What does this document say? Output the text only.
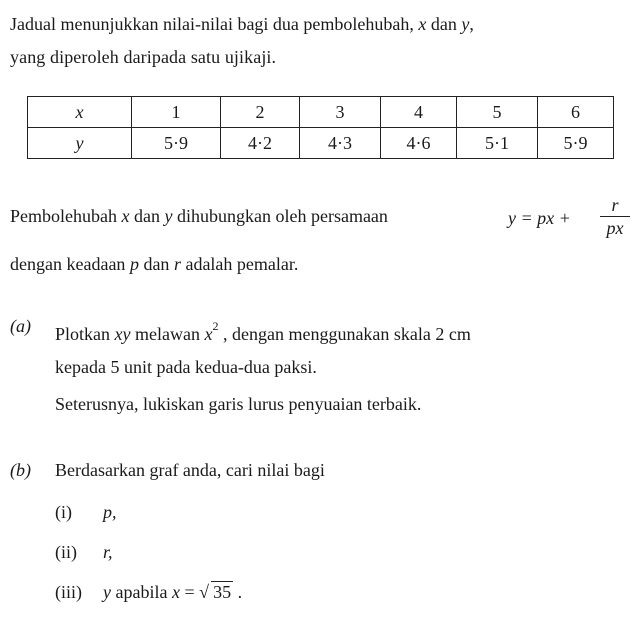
Jadual menunjukkan nilai-nilai bagi dua pembolehubah, x dan y,
yang diperoleh daripada satu ujikaji.
x	1	2	3	4	5	6
y	5·9	4·2	4·3	4·6	5·1	5·9
Pembolehubah x dan y dihubungkan oleh persamaan	y = px +
r
px
dengan keadaan p dan r adalah pemalar.
(a) Plotkan xy melawan $x^2$ , dengan menggunakan skala 2 cm
kepada 5 unit pada kedua-dua paksi.
Seterusnya, lukiskan garis lurus penyuaian terbaik.
(b) Berdasarkan graf anda, cari nilai bagi
(i) p,
(ii) r,
(iii) y apabila x = √ 35 .
